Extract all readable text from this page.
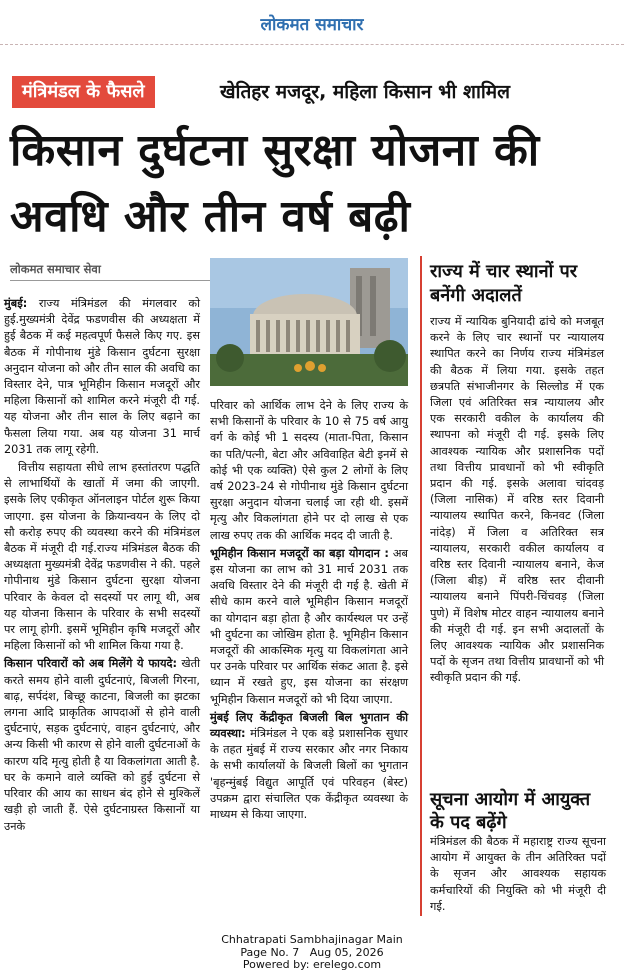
लोकमत समाचार
मंत्रिमंडल के फैसले	खेतिहर मजदूर, महिला किसान भी शामिल
किसान दुर्घटना सुरक्षा योजना की अवधि और तीन वर्ष बढ़ी
लोकमत समाचार सेवा

मुंबई: राज्य मंत्रिमंडल की मंगलवार को हुई.मुख्यमंत्री देवेंद्र फडणवीस की अध्यक्षता में हुई बैठक में कई महत्वपूर्ण फैसले किए गए. इस बैठक में गोपीनाथ मुंडे किसान दुर्घटना सुरक्षा अनुदान योजना को और तीन साल की अवधि का विस्तार देने, पात्र भूमिहीन किसान मजदूरों और महिला किसानों को शामिल करने मंजूरी दी गई. यह योजना और तीन साल के लिए बढ़ाने का फैसला लिया गया. अब यह योजना 31 मार्च 2031 तक लागू रहेगी.

वित्तीय सहायता सीधे लाभ हस्तांतरण पद्धति से लाभार्थियों के खातों में जमा की जाएगी. इसके लिए एकीकृत ऑनलाइन पोर्टल शुरू किया जाएगा. इस योजना के क्रियान्वयन के लिए दो सौ करोड़ रुपए की व्यवस्था करने की मंत्रिमंडल बैठक में मंजूरी दी गई.राज्य मंत्रिमंडल बैठक की अध्यक्षता मुख्यमंत्री देवेंद्र फडणवीस ने की. पहले गोपीनाथ मुंडे किसान दुर्घटना सुरक्षा योजना परिवार के केवल दो सदस्यों पर लागू थी, अब यह योजना किसान के परिवार के सभी सदस्यों पर लागू होगी. इसमें भूमिहीन कृषि मजदूरों और महिला किसानों को भी शामिल किया गया है.

किसान परिवारों को अब मिलेंगे ये फायदे: खेती करते समय होने वाली दुर्घटनाएं, बिजली गिरना, बाढ़, सर्पदंश, बिच्छू काटना, बिजली का झटका लगना आदि प्राकृतिक आपदाओं से होने वाली दुर्घटनाएं, सड़क दुर्घटनाएं, वाहन दुर्घटनाएं, और अन्य किसी भी कारण से होने वाली दुर्घटनाओं के कारण यदि मृत्यु होती है या विकलांगता आती है. घर के कमाने वाले व्यक्ति को हुई दुर्घटना से परिवार की आय का साधन बंद होने से मुश्किलें खड़ी हो जाती हैं. ऐसे दुर्घटनाग्रस्त किसानों या उनके

परिवार को आर्थिक लाभ देने के लिए राज्य के सभी किसानों के परिवार के 10 से 75 वर्ष आयु वर्ग के कोई भी 1 सदस्य (माता-पिता, किसान का पति/पत्नी, बेटा और अविवाहित बेटी इनमें से कोई भी एक व्यक्ति) ऐसे कुल 2 लोगों के लिए वर्ष 2023-24 से गोपीनाथ मुंडे किसान दुर्घटना सुरक्षा अनुदान योजना चलाई जा रही थी. इसमें मृत्यु और विकलांगता होने पर दो लाख से एक लाख रुपए तक की आर्थिक मदद दी जाती है.

भूमिहीन किसान मजदूरों का बड़ा योगदान : अब इस योजना का लाभ को 31 मार्च 2031 तक अवधि विस्तार देने की मंजूरी दी गई है. खेती में सीधे काम करने वाले भूमिहीन किसान मजदूरों का योगदान बड़ा होता है और कार्यस्थल पर उन्हें भी दुर्घटना का जोखिम होता है. भूमिहीन किसान मजदूरों की आकस्मिक मृत्यु या विकलांगता आने पर उनके परिवार पर आर्थिक संकट आता है. इसे ध्यान में रखते हुए, इस योजना का संरक्षण भूमिहीन किसान मजदूरों को भी दिया जाएगा.

मुंबई लिए केंद्रीकृत बिजली बिल भुगतान की व्यवस्था: मंत्रिमंडल ने एक बड़े प्रशासनिक सुधार के तहत मुंबई में राज्य सरकार और नगर निकाय के सभी कार्यालयों के बिजली बिलों का भुगतान 'बृहन्मुंबई विद्युत आपूर्ति एवं परिवहन (बेस्ट) उपक्रम द्वारा संचालित एक केंद्रीकृत व्यवस्था के माध्यम से किया जाएगा.

राज्य में चार स्थानों पर बनेंगी अदालतें

राज्य में न्यायिक बुनियादी ढांचे को मजबूत करने के लिए चार स्थानों पर न्यायालय स्थापित करने का निर्णय राज्य मंत्रिमंडल की बैठक में लिया गया. इसके तहत छत्रपति संभाजीनगर के सिल्लोड में एक जिला एवं अतिरिक्त सत्र न्यायालय और एक सरकारी वकील के कार्यालय की स्थापना को मंजूरी दी गई. इसके लिए आवश्यक न्यायिक और प्रशासनिक पदों तथा वित्तीय प्रावधानों को भी स्वीकृति प्रदान की गई. इसके अलावा चांदवड़ (जिला नासिक) में वरिष्ठ स्तर दिवानी न्यायालय स्थापित करने, किनवट (जिला नांदेड़) में जिला व अतिरिक्त सत्र न्यायालय, सरकारी वकील कार्यालय व वरिष्ठ स्तर दिवानी न्यायालय बनाने, केज (जिला बीड़) में वरिष्ठ स्तर दीवानी न्यायालय बनाने पिंपरी-चिंचवड़ (जिला पुणे) में विशेष मोटर वाहन न्यायालय बनाने की मंजूरी दी गई. इन सभी अदालतों के लिए आवश्यक न्यायिक और प्रशासनिक पदों के सृजन तथा वित्तीय प्रावधानों को भी स्वीकृति प्रदान की गई.

सूचना आयोग में आयुक्त के पद बढ़ेंगे

मंत्रिमंडल की बैठक में महाराष्ट्र राज्य सूचना आयोग में आयुक्त के तीन अतिरिक्त पदों के सृजन और आवश्यक सहायक कर्मचारियों की नियुक्ति को भी मंजूरी दी गई.

Chhatrapati Sambhajinagar Main
Page No. 7 Aug 05, 2026
Powered by: erelego.com
